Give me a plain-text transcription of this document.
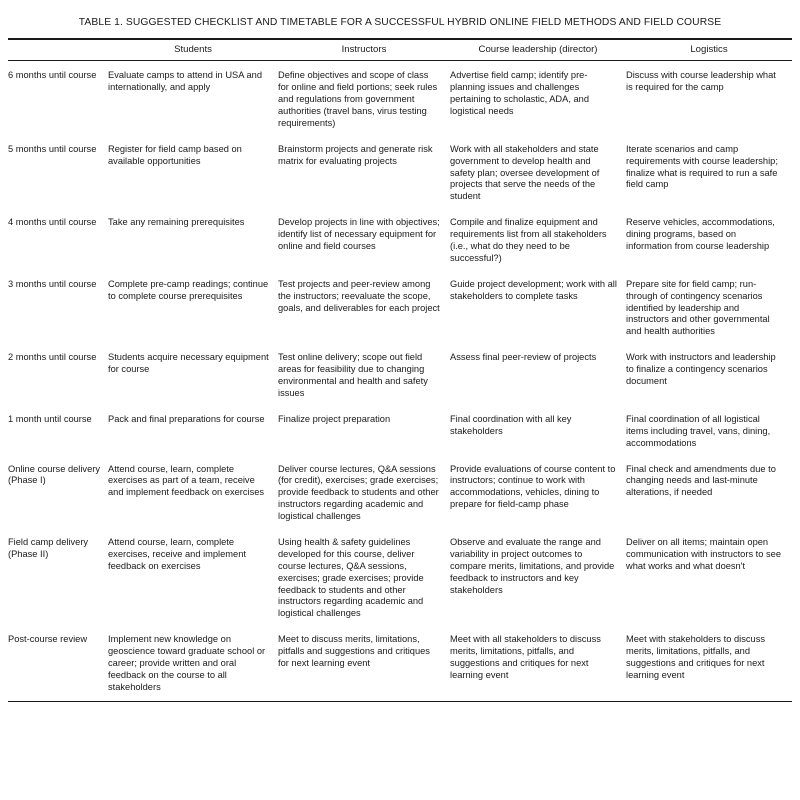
TABLE 1. SUGGESTED CHECKLIST AND TIMETABLE FOR A SUCCESSFUL HYBRID ONLINE FIELD METHODS AND FIELD COURSE

	Students	Instructors	Course leadership (director)	Logistics
6 months until course	Evaluate camps to attend in USA and internationally, and apply	Define objectives and scope of class for online and field portions; seek rules and regulations from government authorities (travel bans, virus testing requirements)	Advertise field camp; identify pre-planning issues and challenges pertaining to scholastic, ADA, and logistical needs	Discuss with course leadership what is required for the camp
5 months until course	Register for field camp based on available opportunities	Brainstorm projects and generate risk matrix for evaluating projects	Work with all stakeholders and state government to develop health and safety plan; oversee development of projects that serve the needs of the student	Iterate scenarios and camp requirements with course leadership; finalize what is required to run a safe field camp
4 months until course	Take any remaining prerequisites	Develop projects in line with objectives; identify list of necessary equipment for online and field courses	Compile and finalize equipment and requirements list from all stakeholders (i.e., what do they need to be successful?)	Reserve vehicles, accommodations, dining programs, based on information from course leadership
3 months until course	Complete pre-camp readings; continue to complete course prerequisites	Test projects and peer-review among the instructors; reevaluate the scope, goals, and deliverables for each project	Guide project development; work with all stakeholders to complete tasks	Prepare site for field camp; run-through of contingency scenarios identified by leadership and instructors and other governmental and health authorities
2 months until course	Students acquire necessary equipment for course	Test online delivery; scope out field areas for feasibility due to changing environmental and health and safety issues	Assess final peer-review of projects	Work with instructors and leadership to finalize a contingency scenarios document
1 month until course	Pack and final preparations for course	Finalize project preparation	Final coordination with all key stakeholders	Final coordination of all logistical items including travel, vans, dining, accommodations
Online course delivery (Phase I)	Attend course, learn, complete exercises as part of a team, receive and implement feedback on exercises	Deliver course lectures, Q&A sessions (for credit), exercises; grade exercises; provide feedback to students and other instructors regarding academic and logistical challenges	Provide evaluations of course content to instructors; continue to work with accommodations, vehicles, dining to prepare for field-camp phase	Final check and amendments due to changing needs and last-minute alterations, if needed
Field camp delivery (Phase II)	Attend course, learn, complete exercises, receive and implement feedback on exercises	Using health & safety guidelines developed for this course, deliver course lectures, Q&A sessions, exercises; grade exercises; provide feedback to students and other instructors regarding academic and logistical challenges	Observe and evaluate the range and variability in project outcomes to compare merits, limitations, and provide feedback to instructors and key stakeholders	Deliver on all items; maintain open communication with instructors to see what works and what doesn't
Post-course review	Implement new knowledge on geoscience toward graduate school or career; provide written and oral feedback on the course to all stakeholders	Meet to discuss merits, limitations, pitfalls and suggestions and critiques for next learning event	Meet with all stakeholders to discuss merits, limitations, pitfalls, and suggestions and critiques for next learning event	Meet with stakeholders to discuss merits, limitations, pitfalls, and suggestions and critiques for next learning event
